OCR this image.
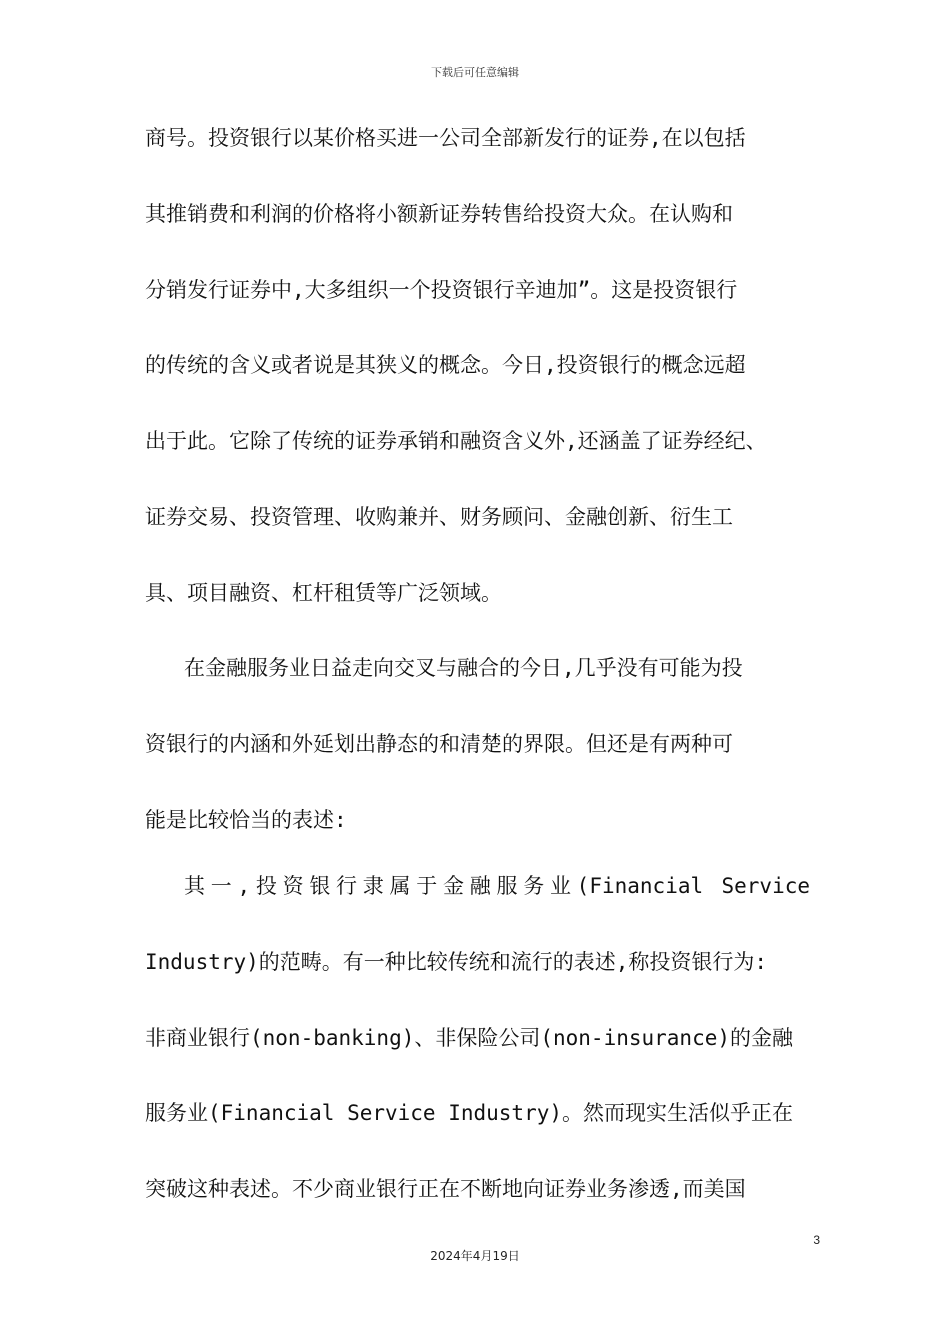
下载后可任意编辑
商号。投资银行以某价格买进一公司全部新发行的证券,在以包括
其推销费和利润的价格将小额新证券转售给投资大众。在认购和
分销发行证券中,大多组织一个投资银行辛迪加”。这是投资银行
的传统的含义或者说是其狭义的概念。今日,投资银行的概念远超
出于此。它除了传统的证券承销和融资含义外,还涵盖了证券经纪、
证券交易、投资管理、收购兼并、财务顾问、金融创新、衍生工
具、项目融资、杠杆租赁等广泛领域。
在金融服务业日益走向交叉与融合的今日,几乎没有可能为投
资银行的内涵和外延划出静态的和清楚的界限。但还是有两种可
能是比较恰当的表述:
其一,投资银行隶属于金融服务业(Financial Service
Industry)的范畴。有一种比较传统和流行的表述,称投资银行为:
非商业银行(non-banking)、非保险公司(non-insurance)的金融
服务业(Financial Service Industry)。然而现实生活似乎正在
突破这种表述。不少商业银行正在不断地向证券业务渗透,而美国
3
2024年4月19日
